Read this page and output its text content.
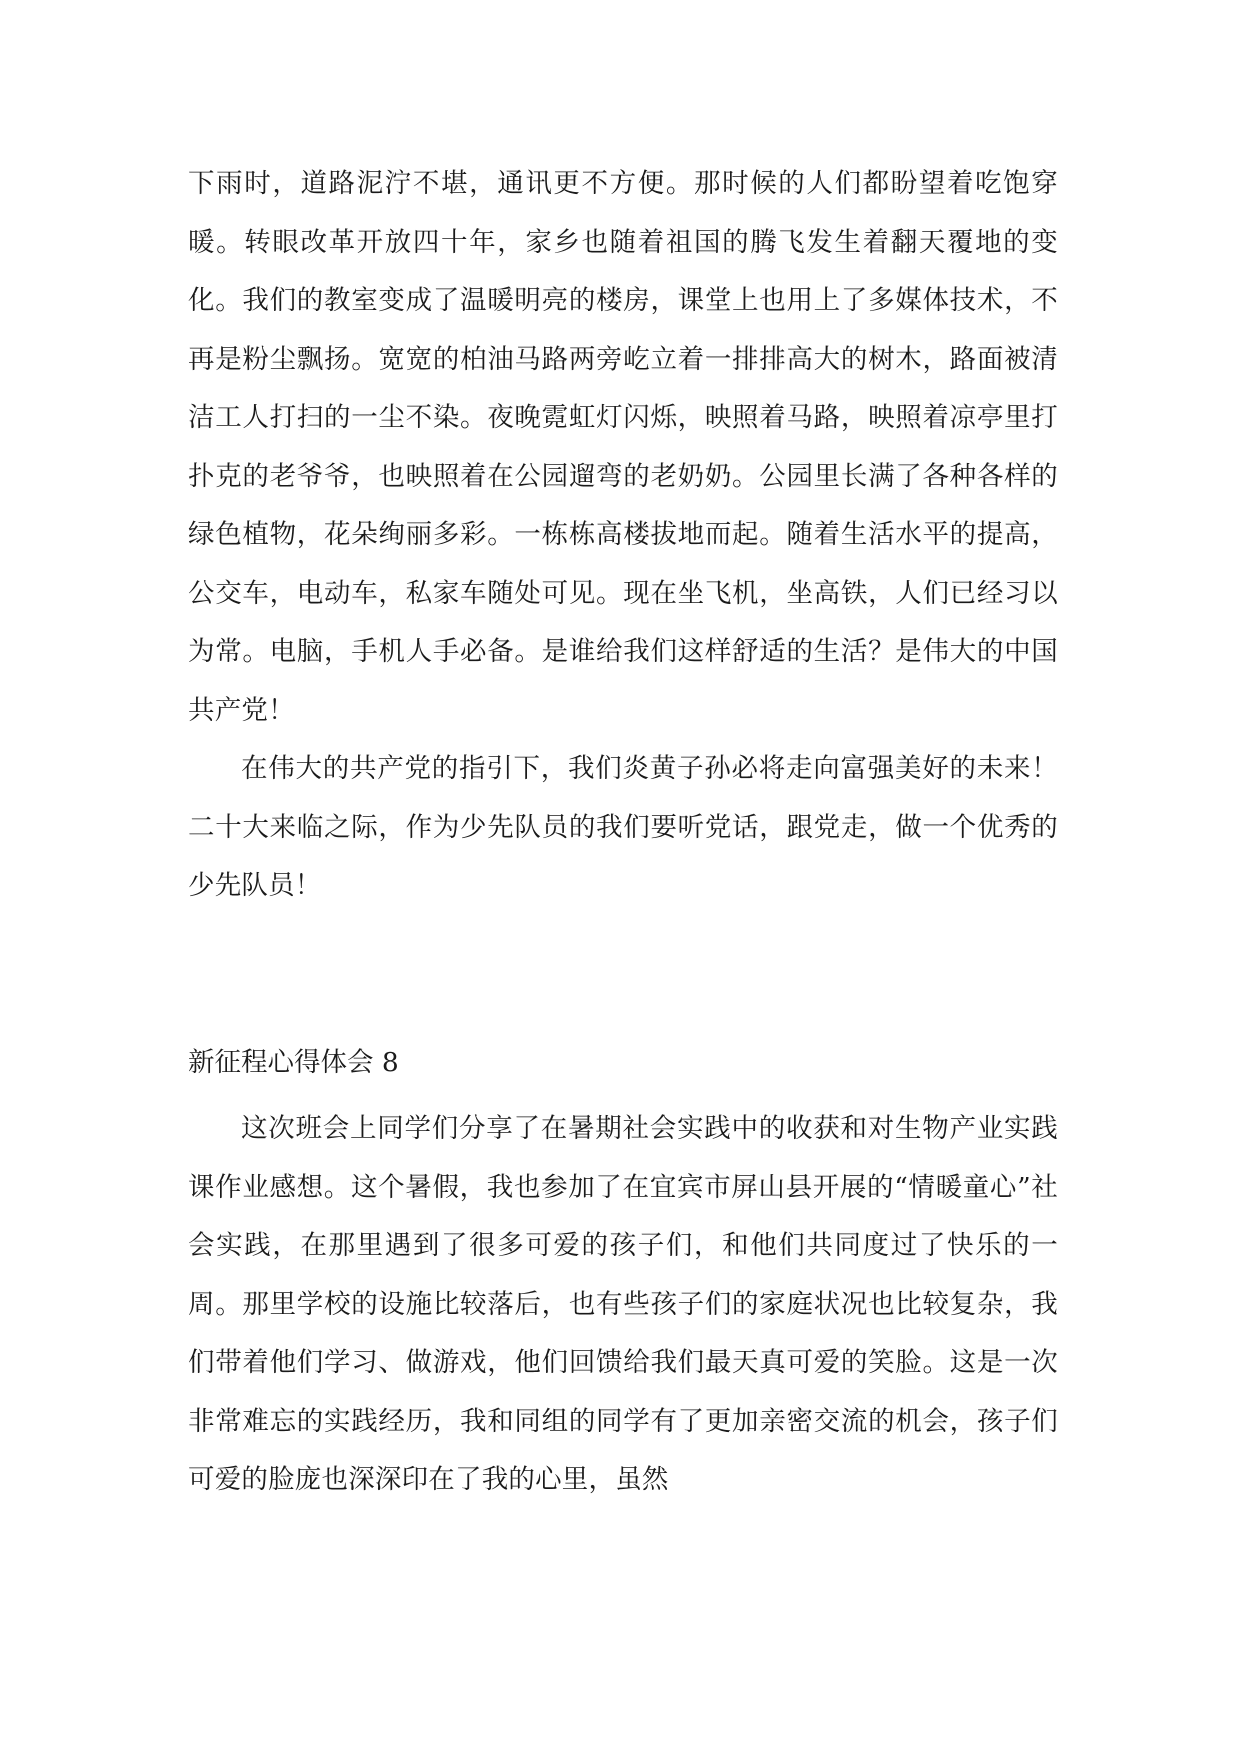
下雨时，道路泥泞不堪，通讯更不方便。那时候的人们都盼望着吃饱穿暖。转眼改革开放四十年，家乡也随着祖国的腾飞发生着翻天覆地的变化。我们的教室变成了温暖明亮的楼房，课堂上也用上了多媒体技术，不再是粉尘飘扬。宽宽的柏油马路两旁屹立着一排排高大的树木，路面被清洁工人打扫的一尘不染。夜晚霓虹灯闪烁，映照着马路，映照着凉亭里打扑克的老爷爷，也映照着在公园遛弯的老奶奶。公园里长满了各种各样的绿色植物，花朵绚丽多彩。一栋栋高楼拔地而起。随着生活水平的提高，公交车，电动车，私家车随处可见。现在坐飞机，坐高铁，人们已经习以为常。电脑，手机人手必备。是谁给我们这样舒适的生活？是伟大的中国共产党！
在伟大的共产党的指引下，我们炎黄子孙必将走向富强美好的未来！二十大来临之际，作为少先队员的我们要听党话，跟党走，做一个优秀的少先队员！
新征程心得体会 8
这次班会上同学们分享了在暑期社会实践中的收获和对生物产业实践课作业感想。这个暑假，我也参加了在宜宾市屏山县开展的“情暖童心”社会实践，在那里遇到了很多可爱的孩子们，和他们共同度过了快乐的一周。那里学校的设施比较落后，也有些孩子们的家庭状况也比较复杂，我们带着他们学习、做游戏，他们回馈给我们最天真可爱的笑脸。这是一次非常难忘的实践经历，我和同组的同学有了更加亲密交流的机会，孩子们可爱的脸庞也深深印在了我的心里，虽然
